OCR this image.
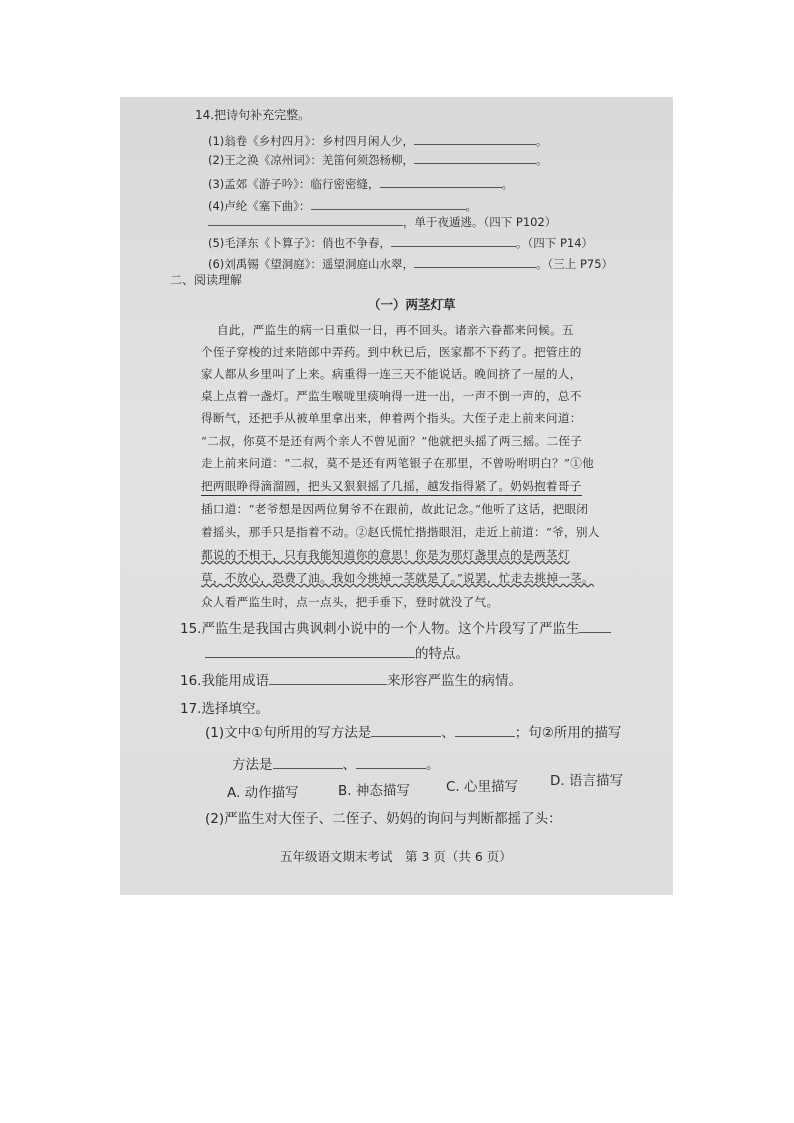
14.把诗句补充完整。
(1)翁卷《乡村四月》：乡村四月闲人少，	。
(2)王之涣《凉州词》：羌笛何须怨杨柳，	。
(3)孟郊《游子吟》：临行密密缝，	。
(4)卢纶《塞下曲》：	。
，单于夜遁逃。（四下 P102）
(5)毛泽东《卜算子》：俏也不争春，	。（四下 P14）
(6)刘禹锡《望洞庭》：遥望洞庭山水翠，	。（三上 P75）
二、阅读理解
（一）两茎灯草
自此，严监生的病一日重似一日，再不回头。诸亲六眷都来问候。五
个侄子穿梭的过来陪郎中弄药。到中秋已后，医家都不下药了。把管庄的
家人都从乡里叫了上来。病重得一连三天不能说话。晚间挤了一屋的人，
桌上点着一盏灯。严监生喉咙里痰响得一进一出，一声不倒一声的，总不
得断气，还把手从被单里拿出来，伸着两个指头。大侄子走上前来问道：
“二叔，你莫不是还有两个亲人不曾见面？”他就把头摇了两三摇。二侄子
走上前来问道：“二叔，莫不是还有两笔银子在那里，不曾吩咐明白？”①他
把两眼睁得滴溜圆，把头又狠狠摇了几摇，越发指得紧了。奶妈抱着哥子
插口道：“老爷想是因两位舅爷不在跟前，故此记念。”他听了这话，把眼闭
着摇头，那手只是指着不动。②赵氏慌忙揩揩眼泪，走近上前道：“爷，别人
都说的不相干，只有我能知道你的意思！你是为那灯盏里点的是两茎灯
草，不放心，恐费了油。我如今挑掉一茎就是了。”说罢，忙走去挑掉一茎。
众人看严监生时，点一点头，把手垂下，登时就没了气。
15.严监生是我国古典讽刺小说中的一个人物。这个片段写了严监生
的特点。
16.我能用成语	来形容严监生的病情。
17.选择填空。
(1)文中①句所用的写方法是	、	；句②所用的描写
方法是	、	。
A. 动作描写	B. 神态描写	C. 心里描写 D. 语言描写
(2)严监生对大侄子、二侄子、奶妈的询问与判断都摇了头：
五年级语文期末考试　第 3 页（共 6 页）
